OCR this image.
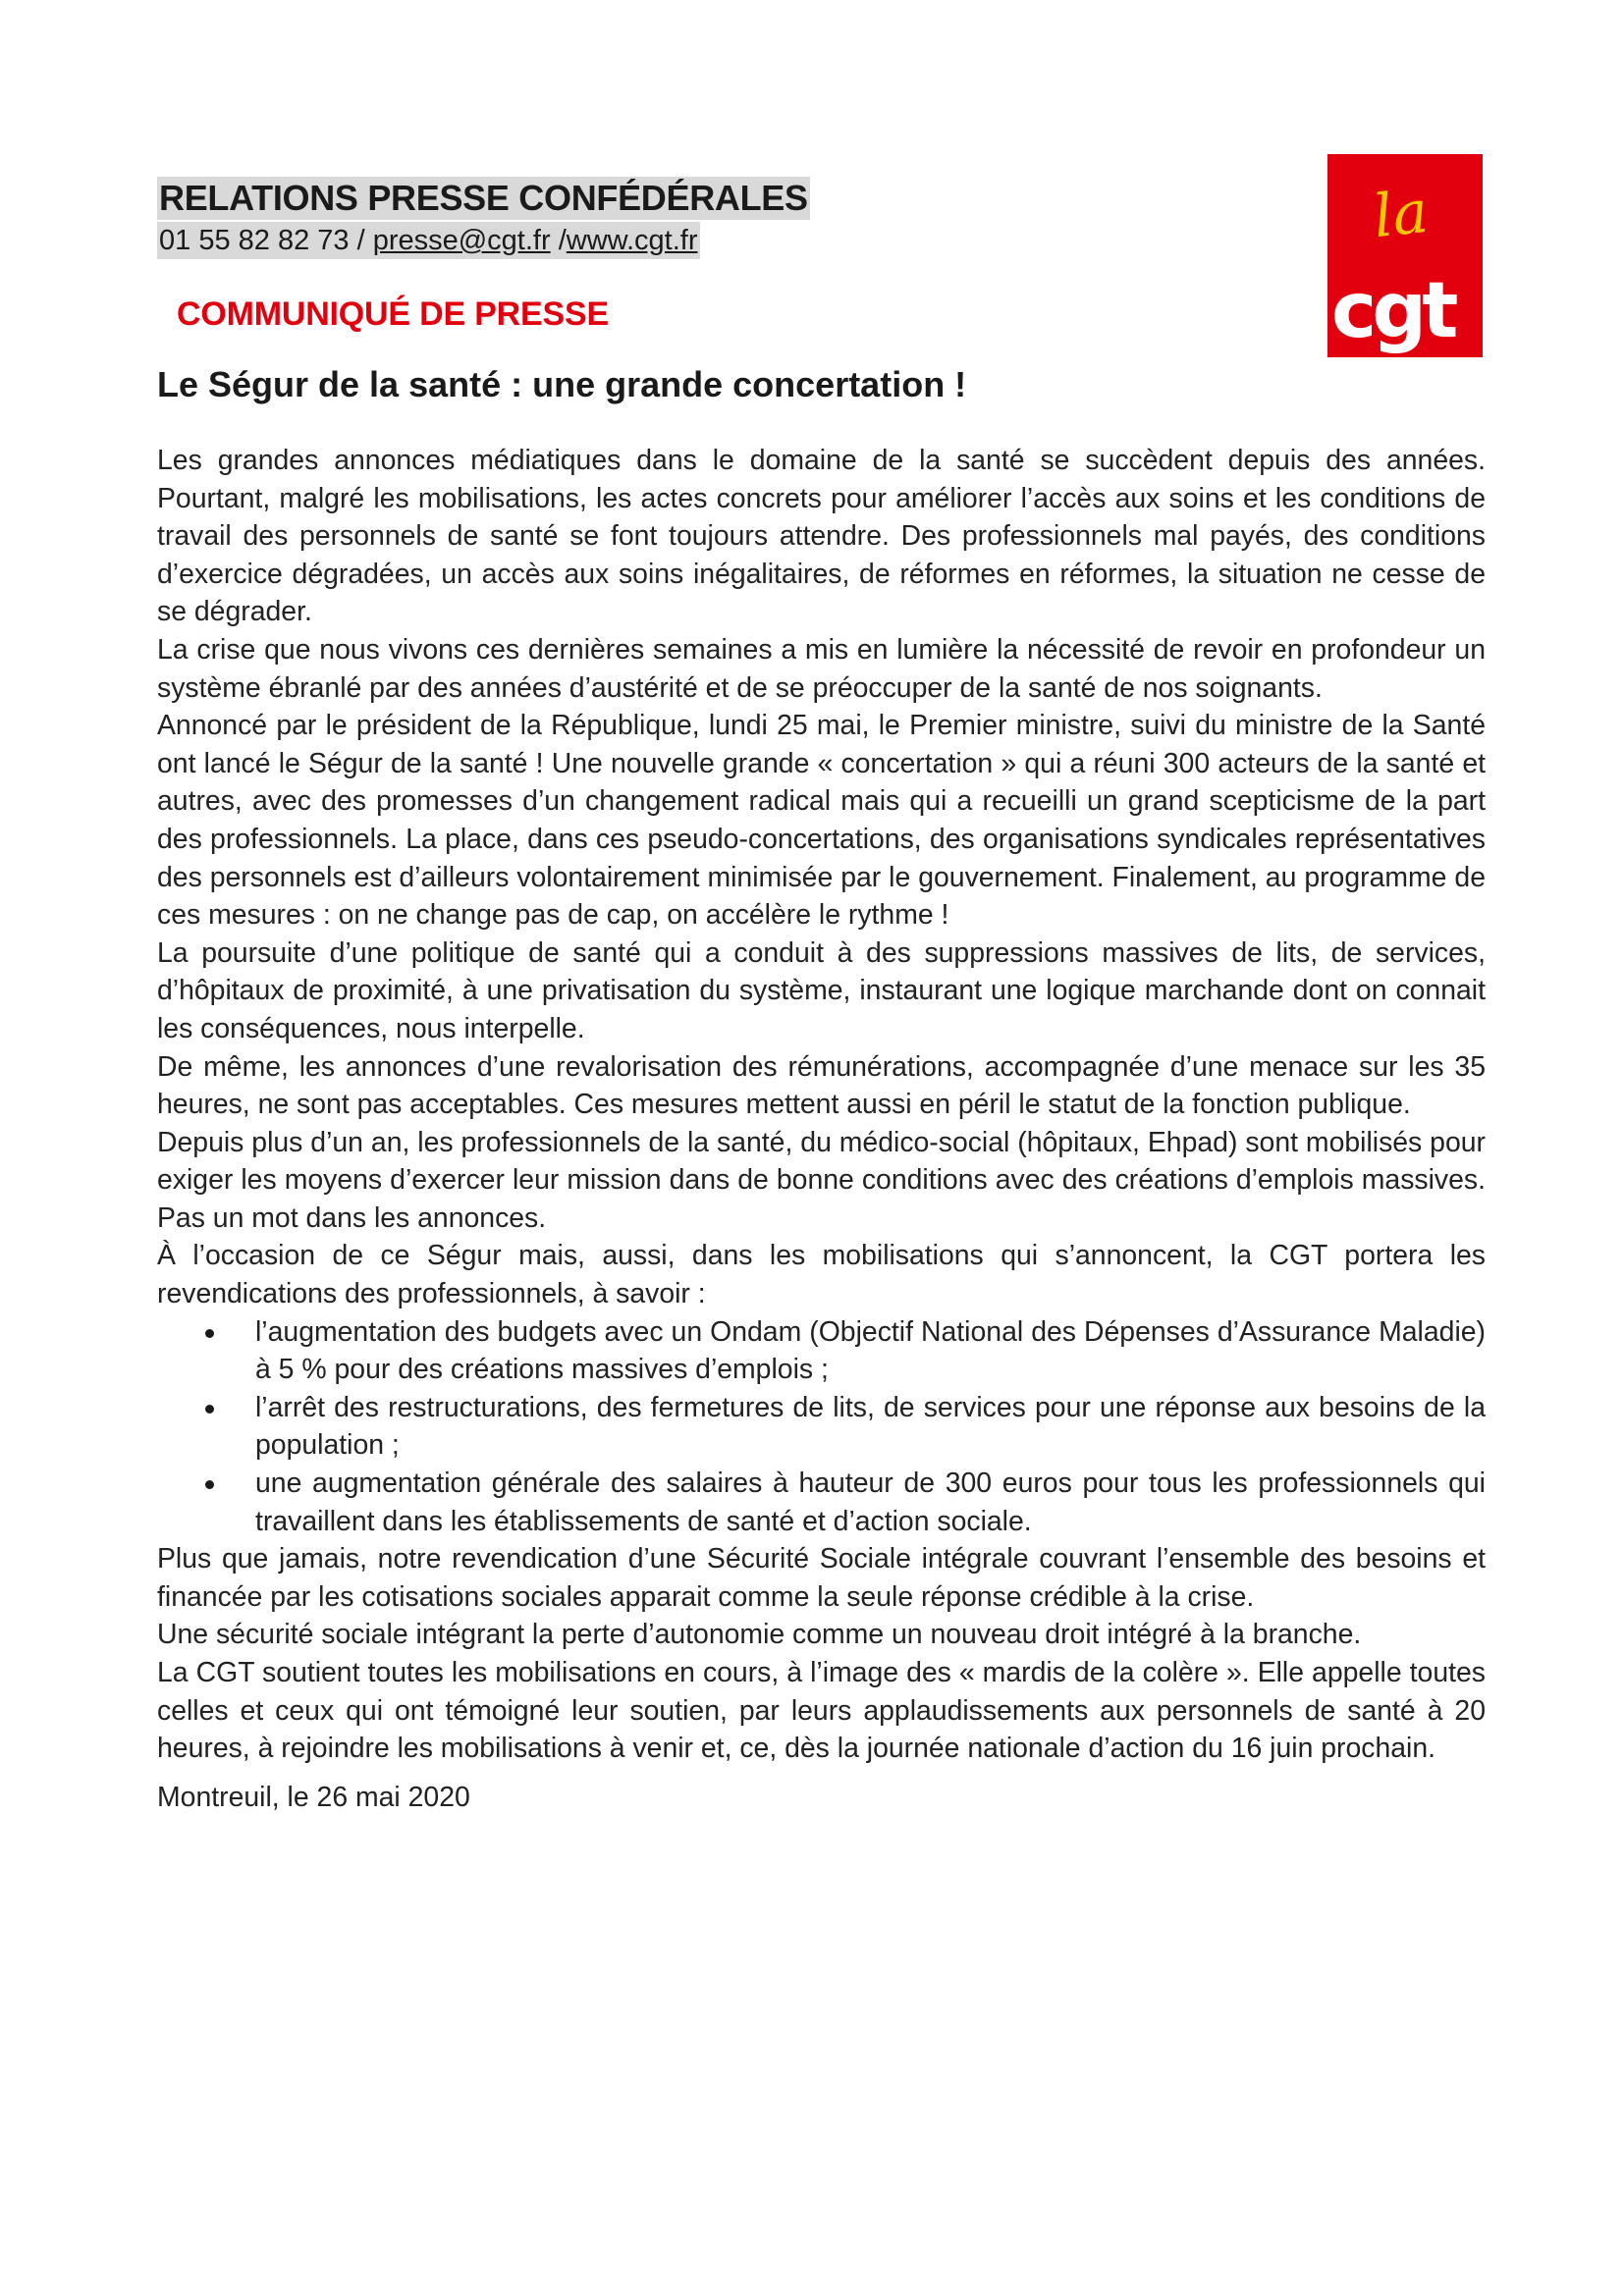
RELATIONS PRESSE CONFÉDÉRALES
01 55 82 82 73 / presse@cgt.fr /www.cgt.fr	la
cgt
COMMUNIQUÉ DE PRESSE
Le Ségur de la santé : une grande concertation !

Les grandes annonces médiatiques dans le domaine de la santé se succèdent depuis des années. Pourtant, malgré les mobilisations, les actes concrets pour améliorer l’accès aux soins et les conditions de travail des personnels de santé se font toujours attendre. Des professionnels mal payés, des conditions d’exercice dégradées, un accès aux soins inégalitaires, de réformes en réformes, la situation ne cesse de se dégrader.

La crise que nous vivons ces dernières semaines a mis en lumière la nécessité de revoir en profondeur un système ébranlé par des années d’austérité et de se préoccuper de la santé de nos soignants.

Annoncé par le président de la République, lundi 25 mai, le Premier ministre, suivi du ministre de la Santé ont lancé le Ségur de la santé ! Une nouvelle grande « concertation » qui a réuni 300 acteurs de la santé et autres, avec des promesses d’un changement radical mais qui a recueilli un grand scepticisme de la part des professionnels. La place, dans ces pseudo-concertations, des organisations syndicales représentatives des personnels est d’ailleurs volontairement minimisée par le gouvernement. Finalement, au programme de ces mesures : on ne change pas de cap, on accélère le rythme !

La poursuite d’une politique de santé qui a conduit à des suppressions massives de lits, de services, d’hôpitaux de proximité, à une privatisation du système, instaurant une logique marchande dont on connait les conséquences, nous interpelle.

De même, les annonces d’une revalorisation des rémunérations, accompagnée d’une menace sur les 35 heures, ne sont pas acceptables. Ces mesures mettent aussi en péril le statut de la fonction publique.

Depuis plus d’un an, les professionnels de la santé, du médico-social (hôpitaux, Ehpad) sont mobilisés pour exiger les moyens d’exercer leur mission dans de bonne conditions avec des créations d’emplois massives. Pas un mot dans les annonces.

À l’occasion de ce Ségur mais, aussi, dans les mobilisations qui s’annoncent, la CGT portera les revendications des professionnels, à savoir :

l’augmentation des budgets avec un Ondam (Objectif National des Dépenses d’Assurance Maladie) à 5 % pour des créations massives d’emplois ;
l’arrêt des restructurations, des fermetures de lits, de services pour une réponse aux besoins de la population ;
une augmentation générale des salaires à hauteur de 300 euros pour tous les professionnels qui travaillent dans les établissements de santé et d’action sociale.

Plus que jamais, notre revendication d’une Sécurité Sociale intégrale couvrant l’ensemble des besoins et financée par les cotisations sociales apparait comme la seule réponse crédible à la crise.

Une sécurité sociale intégrant la perte d’autonomie comme un nouveau droit intégré à la branche.

La CGT soutient toutes les mobilisations en cours, à l’image des « mardis de la colère ». Elle appelle toutes celles et ceux qui ont témoigné leur soutien, par leurs applaudissements aux personnels de santé à 20 heures, à rejoindre les mobilisations à venir et, ce, dès la journée nationale d’action du 16 juin prochain.

Montreuil, le 26 mai 2020
